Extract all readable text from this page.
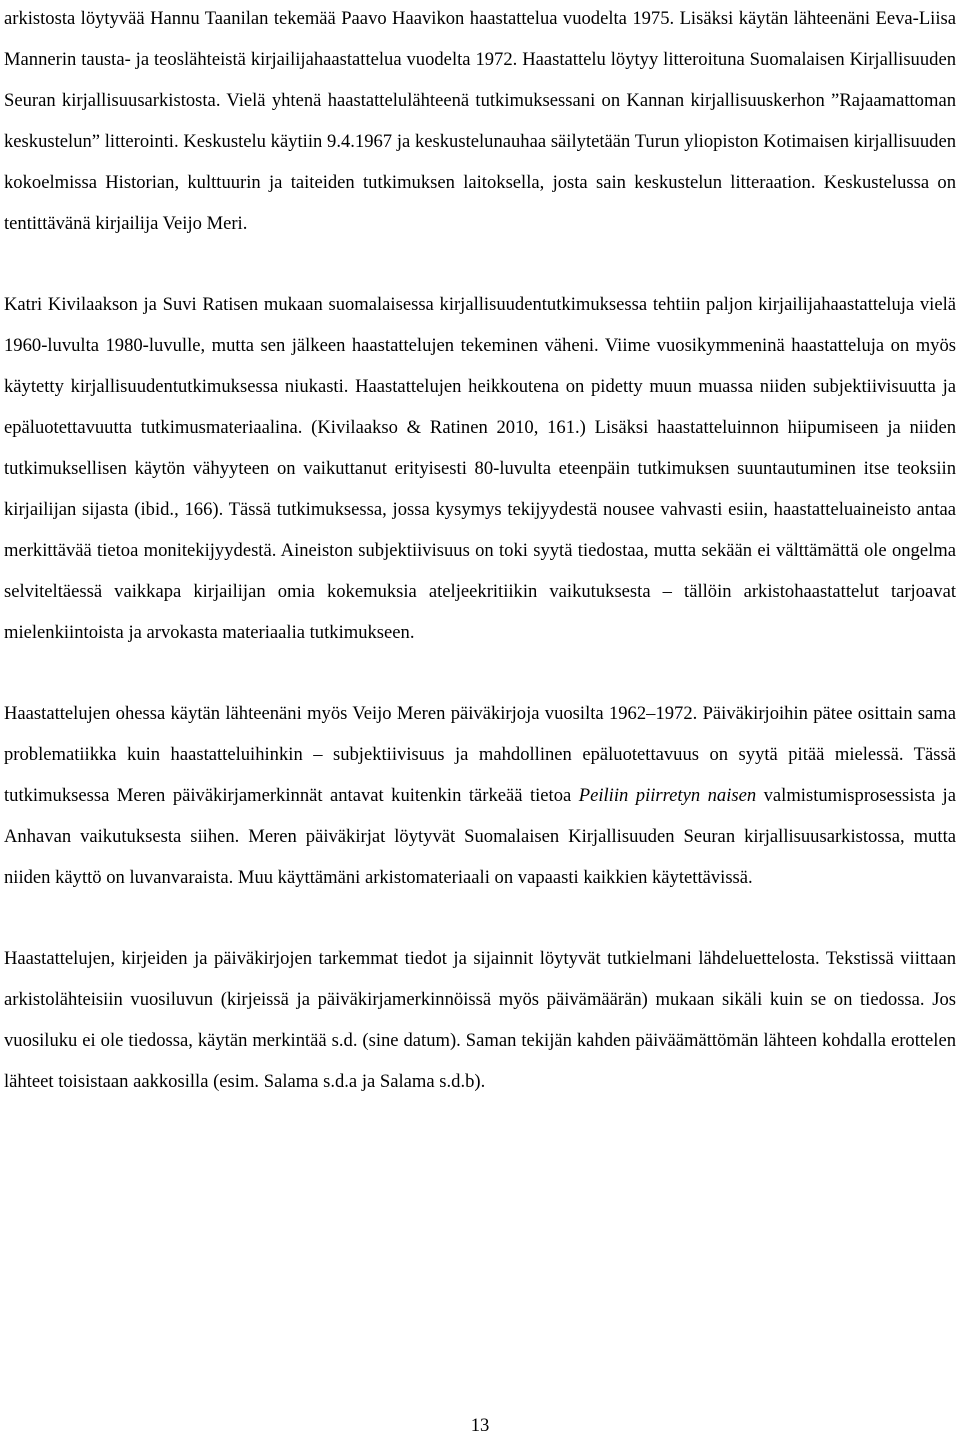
arkistosta löytyvää Hannu Taanilan tekemää Paavo Haavikon haastattelua vuodelta 1975. Lisäksi käytän lähteenäni Eeva-Liisa Mannerin tausta- ja teoslähteistä kirjailijahaastattelua vuodelta 1972. Haastattelu löytyy litteroituna Suomalaisen Kirjallisuuden Seuran kirjallisuusarkistosta. Vielä yhtenä haastattelulähteenä tutkimuksessani on Kannan kirjallisuuskerhon ”Rajaamattoman keskustelun” litterointi. Keskustelu käytiin 9.4.1967 ja keskustelunauhaa säilytetään Turun yliopiston Kotimaisen kirjallisuuden kokoelmissa Historian, kulttuurin ja taiteiden tutkimuksen laitoksella, josta sain keskustelun litteraation. Keskustelussa on tentittävänä kirjailija Veijo Meri.

Katri Kivilaakson ja Suvi Ratisen mukaan suomalaisessa kirjallisuudentutkimuksessa tehtiin paljon kirjailijahaastatteluja vielä 1960-luvulta 1980-luvulle, mutta sen jälkeen haastattelujen tekeminen väheni. Viime vuosikymmeninä haastatteluja on myös käytetty kirjallisuudentutkimuksessa niukasti. Haastattelujen heikkoutena on pidetty muun muassa niiden subjektiivisuutta ja epäluotettavuutta tutkimusmateriaalina. (Kivilaakso & Ratinen 2010, 161.) Lisäksi haastatteluinnon hiipumiseen ja niiden tutkimuksellisen käytön vähyyteen on vaikuttanut erityisesti 80-luvulta eteenpäin tutkimuksen suuntautuminen itse teoksiin kirjailijan sijasta (ibid., 166). Tässä tutkimuksessa, jossa kysymys tekijyydestä nousee vahvasti esiin, haastatteluaineisto antaa merkittävää tietoa monitekijyydestä. Aineiston subjektiivisuus on toki syytä tiedostaa, mutta sekään ei välttämättä ole ongelma selviteltäessä vaikkapa kirjailijan omia kokemuksia ateljeekritiikin vaikutuksesta – tällöin arkistohaastattelut tarjoavat mielenkiintoista ja arvokasta materiaalia tutkimukseen.

Haastattelujen ohessa käytän lähteenäni myös Veijo Meren päiväkirjoja vuosilta 1962–1972. Päiväkirjoihin pätee osittain sama problematiikka kuin haastatteluihinkin – subjektiivisuus ja mahdollinen epäluotettavuus on syytä pitää mielessä. Tässä tutkimuksessa Meren päiväkirjamerkinnät antavat kuitenkin tärkeää tietoa Peiliin piirretyn naisen valmistumisprosessista ja Anhavan vaikutuksesta siihen. Meren päiväkirjat löytyvät Suomalaisen Kirjallisuuden Seuran kirjallisuusarkistossa, mutta niiden käyttö on luvanvaraista. Muu käyttämäni arkistomateriaali on vapaasti kaikkien käytettävissä.

Haastattelujen, kirjeiden ja päiväkirjojen tarkemmat tiedot ja sijainnit löytyvät tutkielmani lähdeluettelosta. Tekstissä viittaan arkistolähteisiin vuosiluvun (kirjeissä ja päiväkirjamerkinnöissä myös päivämäärän) mukaan sikäli kuin se on tiedossa. Jos vuosiluku ei ole tiedossa, käytän merkintää s.d. (sine datum). Saman tekijän kahden päiväämättömän lähteen kohdalla erottelen lähteet toisistaan aakkosilla (esim. Salama s.d.a ja Salama s.d.b).

13
